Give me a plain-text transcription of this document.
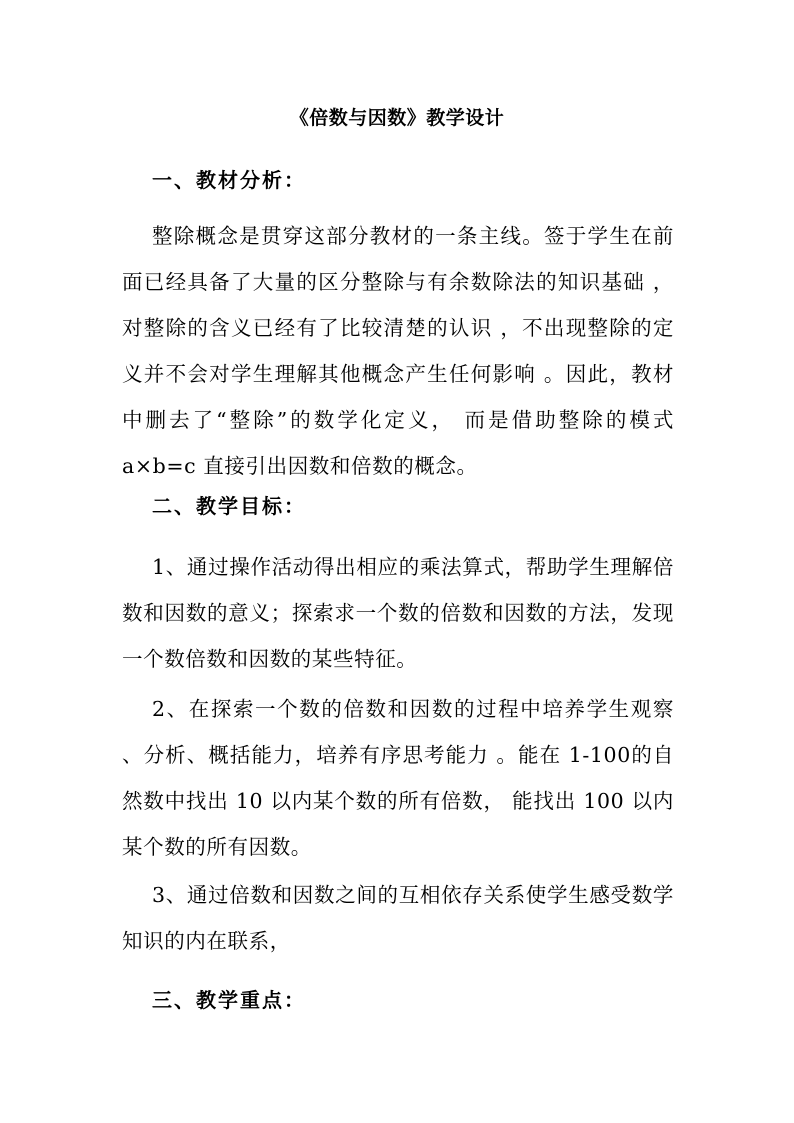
《倍数与因数》教学设计
一、教材分析：
整除概念是贯穿这部分教材的一条主线。签于学生在前面已经具备了大量的区分整除与有余数除法的知识基础 ，对整除的含义已经有了比较清楚的认识 ，不出现整除的定义并不会对学生理解其他概念产生任何影响 。因此，教材中删去了“整除”的数学化定义， 而是借助整除的模式 a×b=c 直接引出因数和倍数的概念。
二、教学目标：
1、通过操作活动得出相应的乘法算式，帮助学生理解倍数和因数的意义；探索求一个数的倍数和因数的方法，发现一个数倍数和因数的某些特征。
2、在探索一个数的倍数和因数的过程中培养学生观察 、分析、概括能力，培养有序思考能力 。能在 1-100的自然数中找出 10 以内某个数的所有倍数， 能找出 100 以内某个数的所有因数。
3、通过倍数和因数之间的互相依存关系使学生感受数学知识的内在联系，
三、教学重点：
